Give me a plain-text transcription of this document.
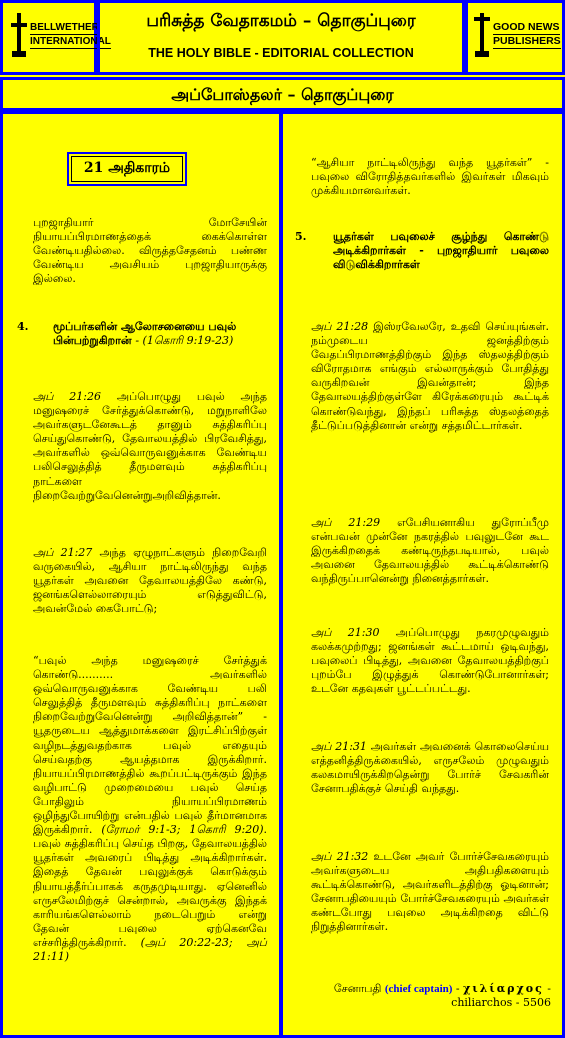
BELLWETHER
INTERNATIONAL
பரிசுத்த வேதாகமம் – தொகுப்புரை
THE HOLY BIBLE - EDITORIAL COLLECTION
GOOD NEWS
PUBLISHERS
அப்போஸ்தலர் – தொகுப்புரை
21 அதிகாரம்
புறஜாதியார் மோசேயின் நியாயப்பிரமாணத்தைக் கைக்கொள்ள வேண்டியதில்லை. விருத்தசேதனம் பண்ண வேண்டிய அவசியம் புறஜாதியாருக்கு இல்லை.
4. மூப்பர்களின் ஆலோசனையை பவுல் பின்பற்றுகிறான் - (1கொரி 9:19-23)
அப் 21:26 அப்பொழுது பவுல் அந்த மனுஷரைச் சேர்த்துக்கொண்டு, மறுநாளிலே அவர்களுடனேகூடத் தானும் சுத்திகரிப்பு செய்துகொண்டு, தேவாலயத்தில் பிரவேசித்து, அவர்களில் ஒவ்வொருவனுக்காக வேண்டிய பலிசெலுத்தித் தீருமளவும் சுத்திகரிப்பு நாட்களை நிறைவேற்றுவேனென்றுஅறிவித்தான்.
அப் 21:27 அந்த ஏழுநாட்களும் நிறைவேறி வருகையில், ஆசியா நாட்டிலிருந்து வந்த யூதர்கள் அவனை தேவாலயத்திலே கண்டு, ஜனங்களெல்லாரையும் எடுத்துவிட்டு, அவன்மேல் கைபோட்டு;
“பவுல் அந்த மனுஷரைச் சேர்த்துக் கொண்டு.......... அவர்களில் ஒவ்வொருவனுக்காக வேண்டிய பலி செலுத்தித் தீருமளவும் சுத்திகரிப்பு நாட்களை நிறைவேற்றுவேனென்று அறிவித்தான்” - யூதருடைய ஆத்துமாக்களை இரட்சிப்பிற்குள் வழிநடத்துவதற்காக பவுல் எதையும் செய்வதற்கு ஆயத்தமாக இருக்கிறார். நியாயப்பிரமாணத்தில் கூறப்பட்டிருக்கும் இந்த வழிபாட்டு முறைமையை பவுல் செய்த போதிலும் நியாயப்பிரமாணம் ஒழிந்துபோயிற்று என்பதில் பவுல் தீர்மானமாக இருக்கிறார். (ரோமர் 9:1-3; 1கொரி 9:20). பவுல் சுத்திகரிப்பு செய்த பிறகு, தேவாலயத்தில் யூதர்கள் அவரைப் பிடித்து அடிக்கிறார்கள். இதைத் தேவன் பவுலுக்குக் கொடுக்கும் நியாயத்தீர்ப்பாகக் கருதமுடியாது. ஏனெனில் எருசலேமிற்குச் சென்றால், அவருக்கு இந்தக் காரியங்களெல்லாம் நடைபெறும் என்று தேவன் பவுலை ஏற்கெனவே எச்சரித்திருக்கிறார். (அப் 20:22-23; அப் 21:11)
“ஆசியா நாட்டிலிருந்து வந்த யூதர்கள்” - பவுலை விரோதித்தவர்களில் இவர்கள் மிகவும் முக்கியமானவர்கள்.
5. யூதர்கள் பவுலைச் சூழ்ந்து கொண்டு அடிக்கிறார்கள் - புறஜாதியார் பவுலை விடுவிக்கிறார்கள்
அப் 21:28 இஸ்ரவேலரே, உதவி செய்யுங்கள். நம்முடைய ஜனத்திற்கும் வேதப்பிரமாணத்திற்கும் இந்த ஸ்தலத்திற்கும் விரோதமாக எங்கும் எல்லாருக்கும் போதித்து வருகிறவன் இவன்தான்; இந்த தேவாலயத்திற்குள்ளே கிரேக்கரையும் கூட்டிக் கொண்டுவந்து, இந்தப் பரிசுத்த ஸ்தலத்தைத் தீட்டுப்படுத்தினான் என்று சத்தமிட்டார்கள்.
அப் 21:29 எபேசியனாகிய துரோப்பீமு என்பவன் முன்னே நகரத்தில் பவுலுடனே கூட இருக்கிறதைக் கண்டிருந்தபடியால், பவுல் அவனை தேவாலயத்தில் கூட்டிக்கொண்டு வந்திருப்பானென்று நினைத்தார்கள்.
அப் 21:30 அப்பொழுது நகரமுழுவதும் கலக்கமுற்றது; ஜனங்கள் கூட்டமாய் ஒடிவந்து, பவுலைப் பிடித்து, அவனை தேவாலயத்திற்குப் புறம்பே இழுத்துக் கொண்டுபோனார்கள்; உடனே கதவுகள் பூட்டப்பட்டது.
அப் 21:31 அவர்கள் அவனைக் கொலைசெய்ய எத்தனித்திருக்கையில், எருசலேம் முழுவதும் கலகமாயிருக்கிறதென்று போர்ச் சேவகரின் சேனாபதிக்குச் செய்தி வந்தது.
அப் 21:32 உடனே அவர் போர்ச்சேவகரையும் அவர்களுடைய அதிபதிகளையும் கூட்டிக்கொண்டு, அவர்களிடத்திற்கு ஓடினான்; சேனாபதியையும் போர்ச்சேவகரையும் அவர்கள் கண்டபோது பவுலை அடிக்கிறதை விட்டு நிறுத்தினார்கள்.
சேனாபதி (chief captain) - χιλίαρχος - chiliarchos - 5506
